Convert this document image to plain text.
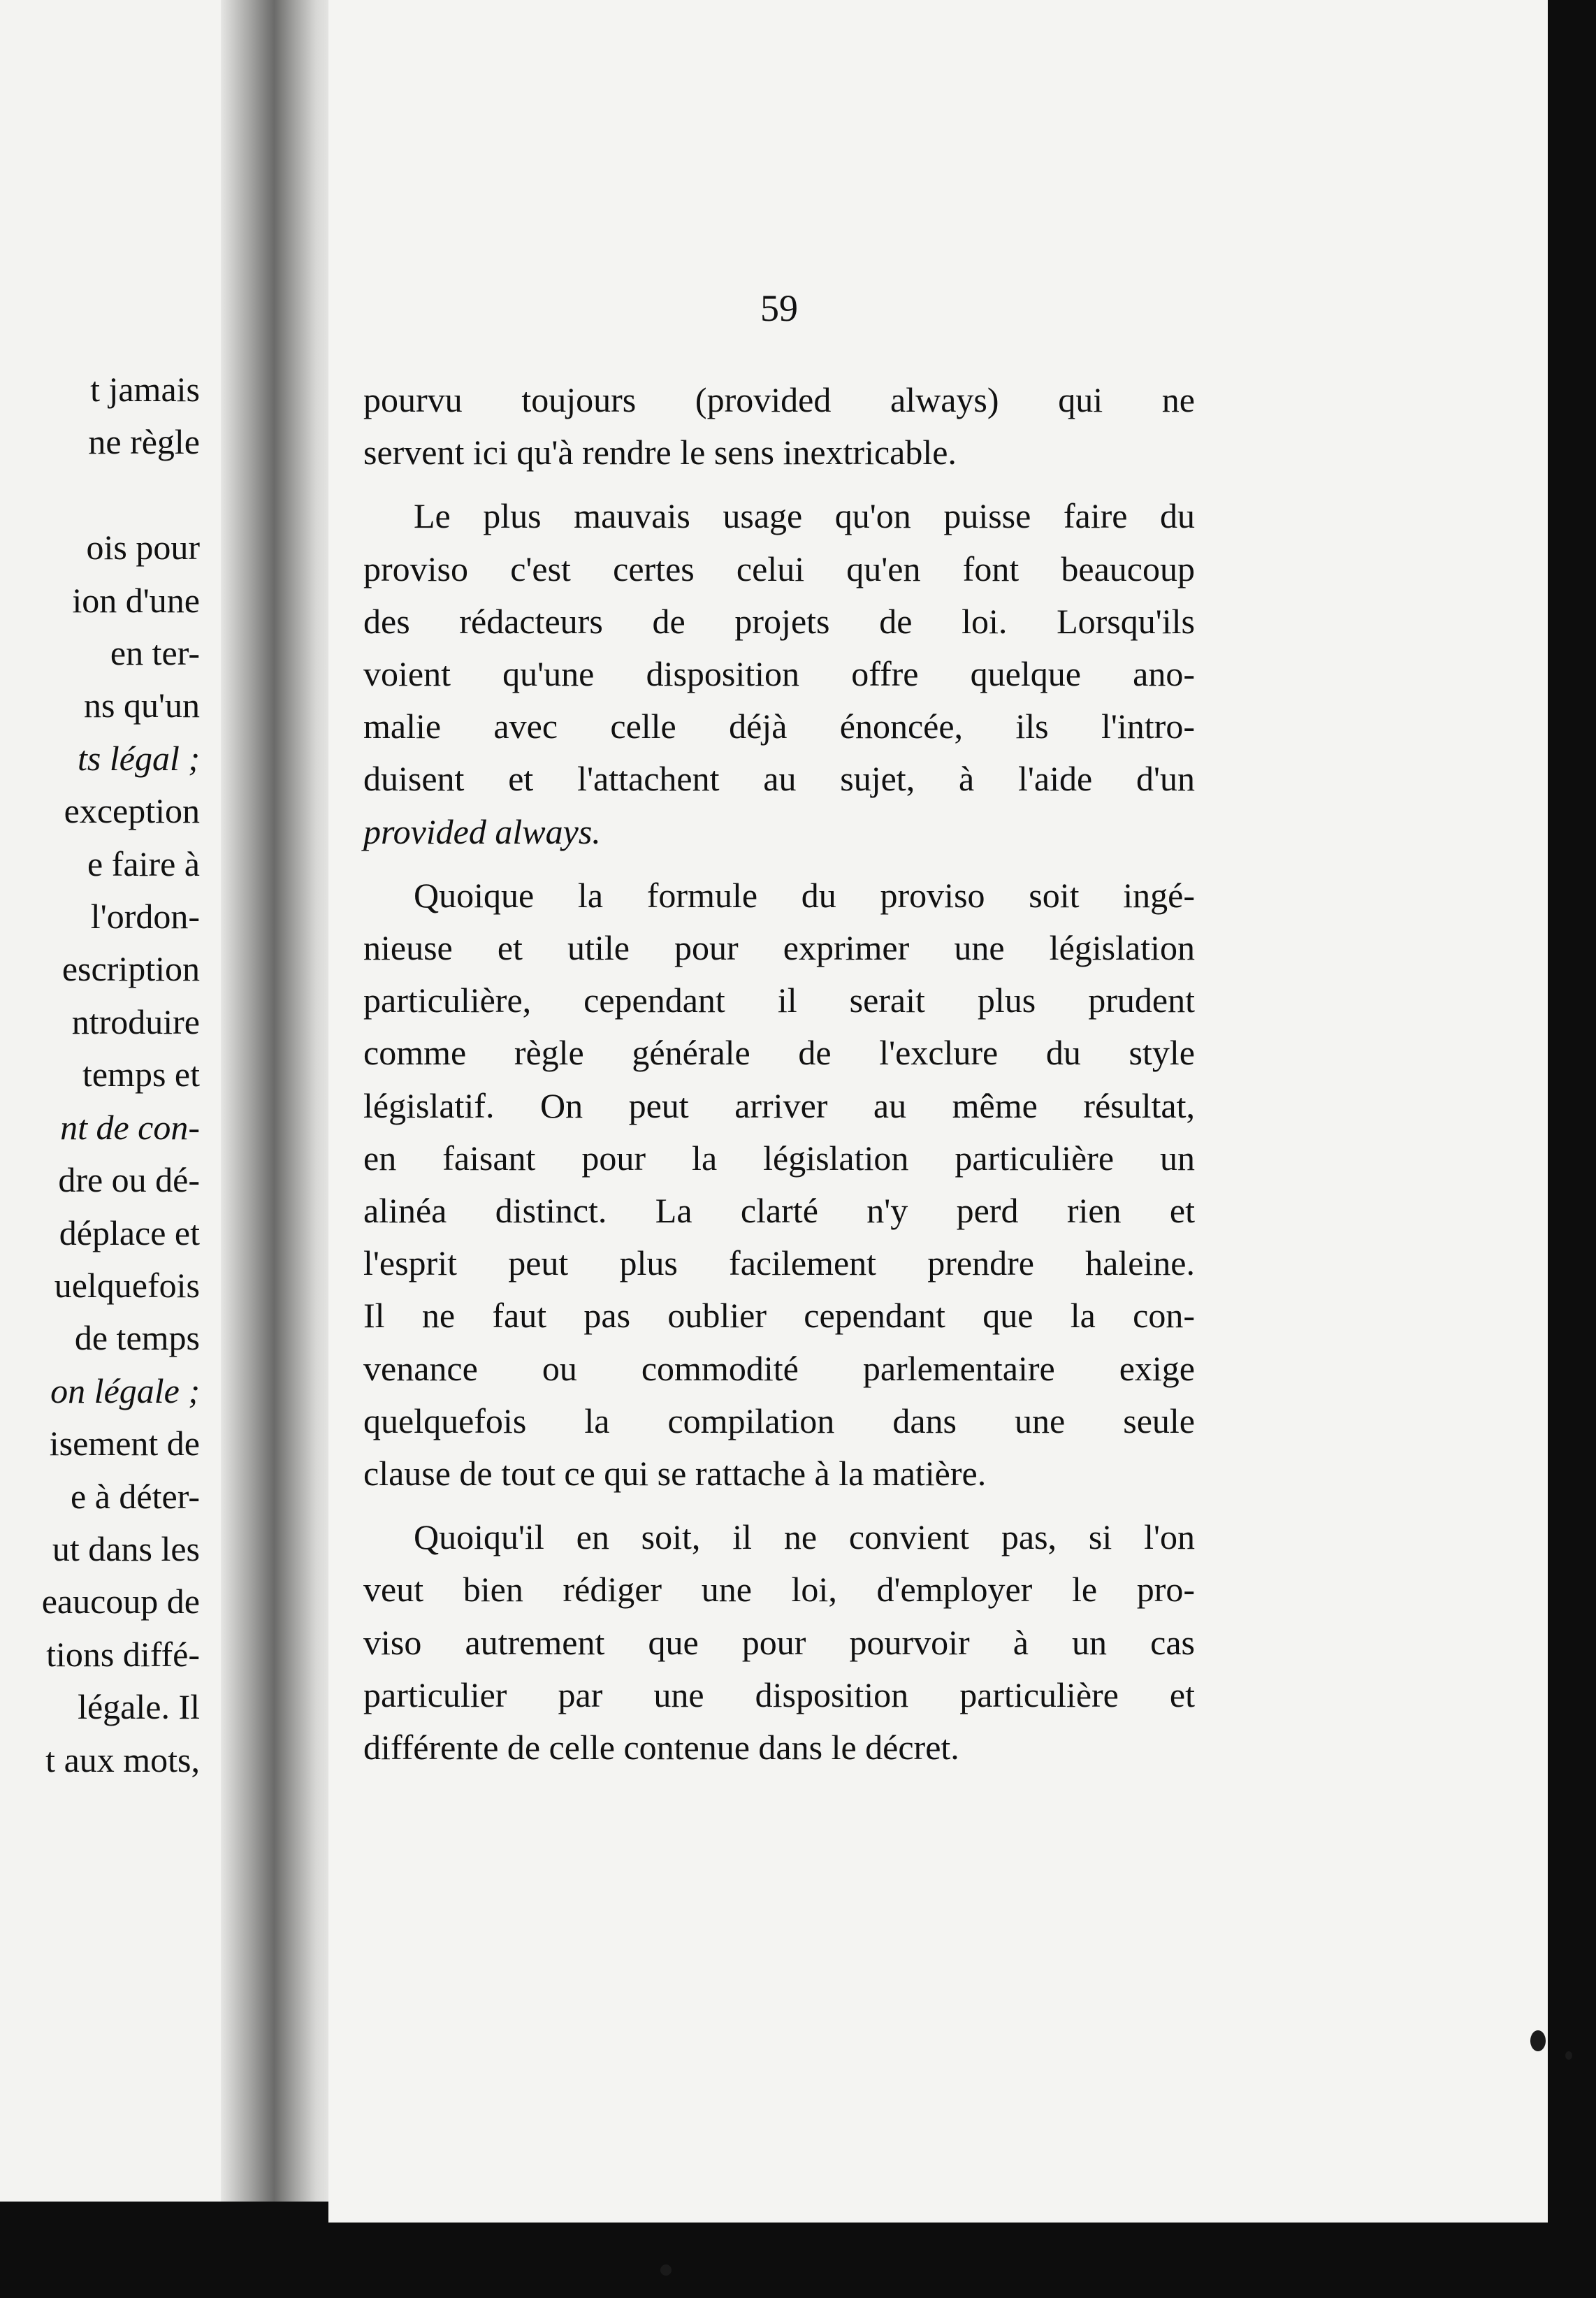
t jamais
ne règle

ois pour
ion d'une
en ter-
ns qu'un
ts légal ;
exception
e faire à
l'ordon-
escription
ntroduire
temps et
nt de con-
dre ou dé-
déplace et
uelquefois
de temps
on légale ;
isement de
e à déter-
ut dans les
eaucoup de
tions diffé-
légale. Il
t aux mots,
59
pourvu toujours (provided always) qui ne
servent ici qu'à rendre le sens inextricable.
Le plus mauvais usage qu'on puisse faire du
proviso c'est certes celui qu'en font beaucoup
des rédacteurs de projets de loi. Lorsqu'ils
voient qu'une disposition offre quelque ano-
malie avec celle déjà énoncée, ils l'intro-
duisent et l'attachent au sujet, à l'aide d'un
provided always.
Quoique la formule du proviso soit ingé-
nieuse et utile pour exprimer une législation
particulière, cependant il serait plus prudent
comme règle générale de l'exclure du style
législatif. On peut arriver au même résultat,
en faisant pour la législation particulière un
alinéa distinct. La clarté n'y perd rien et
l'esprit peut plus facilement prendre haleine.
Il ne faut pas oublier cependant que la con-
venance ou commodité parlementaire exige
quelquefois la compilation dans une seule
clause de tout ce qui se rattache à la matière.
Quoiqu'il en soit, il ne convient pas, si l'on
veut bien rédiger une loi, d'employer le pro-
viso autrement que pour pourvoir à un cas
particulier par une disposition particulière et
différente de celle contenue dans le décret.
